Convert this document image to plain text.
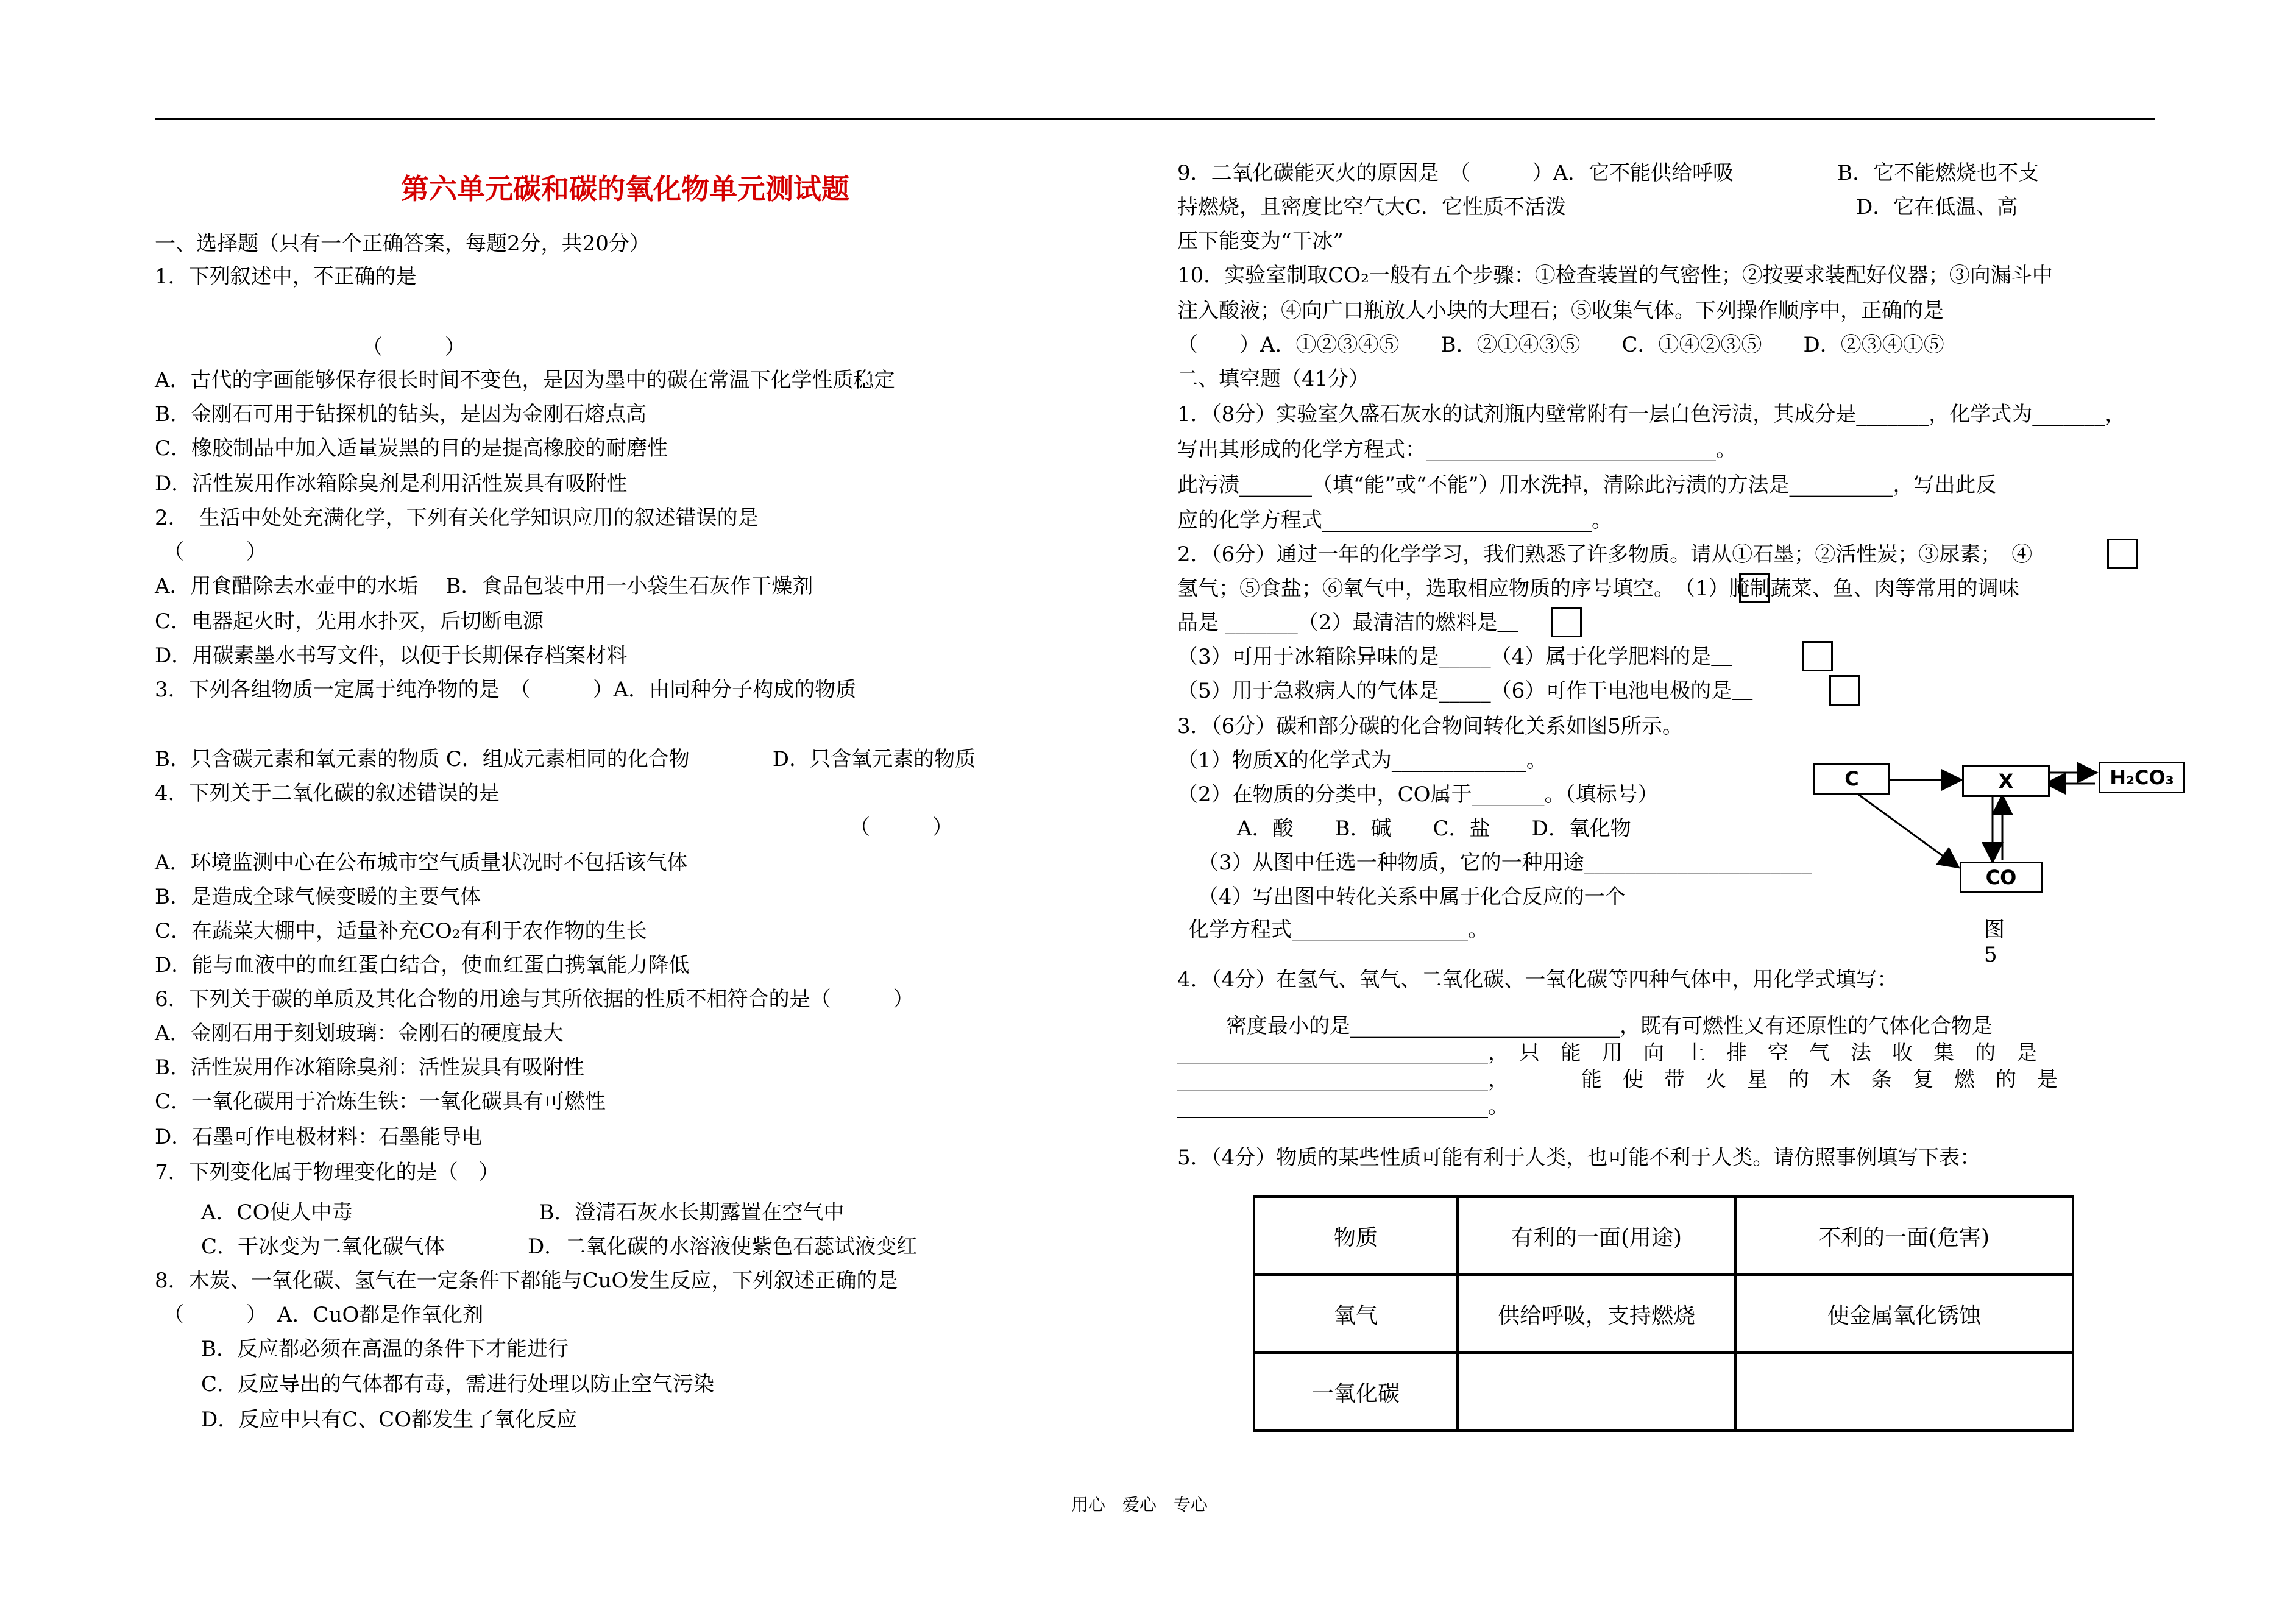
第六单元碳和碳的氧化物单元测试题
一、选择题（只有一个正确答案，每题2分，共20分）
1．下列叙述中，不正确的是
（　　　）
A．古代的字画能够保存很长时间不变色，是因为墨中的碳在常温下化学性质稳定
B．金刚石可用于钻探机的钻头，是因为金刚石熔点高
C．橡胶制品中加入适量炭黑的目的是提高橡胶的耐磨性
D．活性炭用作冰箱除臭剂是利用活性炭具有吸附性
2．　生活中处处充满化学，下列有关化学知识应用的叙述错误的是
（　　　）
A．用食醋除去水壶中的水垢　 B．食品包装中用一小袋生石灰作干燥剂
C．电器起火时，先用水扑灭，后切断电源
D．用碳素墨水书写文件，以便于长期保存档案材料
3．下列各组物质一定属于纯净物的是　（　　　）A．由同种分子构成的物质
B．只含碳元素和氧元素的物质 C．组成元素相同的化合物　　　　D．只含氧元素的物质
4．下列关于二氧化碳的叙述错误的是
（　　　）
A．环境监测中心在公布城市空气质量状况时不包括该气体
B．是造成全球气候变暖的主要气体
C．在蔬菜大棚中，适量补充CO₂有利于农作物的生长
D．能与血液中的血红蛋白结合，使血红蛋白携氧能力降低
6．下列关于碳的单质及其化合物的用途与其所依据的性质不相符合的是（　　　）
A．金刚石用于刻划玻璃：金刚石的硬度最大
B．活性炭用作冰箱除臭剂：活性炭具有吸附性
C．一氧化碳用于冶炼生铁：一氧化碳具有可燃性
D．石墨可作电极材料：石墨能导电
7．下列变化属于物理变化的是（　）
A．CO使人中毒　　　　　　　　　B．澄清石灰水长期露置在空气中
C．干冰变为二氧化碳气体　　　　D．二氧化碳的水溶液使紫色石蕊试液变红
8．木炭、一氧化碳、氢气在一定条件下都能与CuO发生反应，下列叙述正确的是
（　　　）　A．CuO都是作氧化剂
B．反应都必须在高温的条件下才能进行
C．反应导出的气体都有毒，需进行处理以防止空气污染
D．反应中只有C、CO都发生了氧化反应
9．二氧化碳能灭火的原因是　（　　　）A．它不能供给呼吸　　　　　B．它不能燃烧也不支
持燃烧，且密度比空气大C．它性质不活泼　　　　　　　　　　　　　　D．它在低温、高
压下能变为“干冰”
10．实验室制取CO₂一般有五个步骤：①检查装置的气密性；②按要求装配好仪器；③向漏斗中
注入酸液；④向广口瓶放人小块的大理石；⑤收集气体。下列操作顺序中，正确的是
（　　）A．①②③④⑤　　B．②①④③⑤　　C．①④②③⑤　　D．②③④①⑤
二、填空题（41分）
1．（8分）实验室久盛石灰水的试剂瓶内壁常附有一层白色污渍，其成分是_______，化学式为_______，
写出其形成的化学方程式：____________________________。
此污渍_______（填“能”或“不能”）用水洗掉，清除此污渍的方法是__________，写出此反
应的化学方程式__________________________。
2．（6分）通过一年的化学学习，我们熟悉了许多物质。请从①石墨；②活性炭；③尿素；　④
氢气；⑤食盐；⑥氧气中，选取相应物质的序号填空。　（1）腌制蔬菜、鱼、肉等常用的调味
品是 _______（2）最清洁的燃料是＿
（3）可用于冰箱除异味的是_____（4）属于化学肥料的是＿
（5）用于急救病人的气体是_____（6）可作干电池电极的是＿
3．（6分）碳和部分碳的化合物间转化关系如图5所示。
（1）物质X的化学式为_____________。
（2）在物质的分类中，CO属于_______。（填标号）
A．酸　　B．碱　　C．盐　　D．氧化物
（3）从图中任选一种物质，它的一种用途______________________
（4）写出图中转化关系中属于化合反应的一个
化学方程式_________________。
4．（4分）在氢气、氧气、二氧化碳、一氧化碳等四种气体中，用化学式填写：
密度最小的是__________________________，既有可燃性又有还原性的气体化合物是
______________________________，　只　能　用　向　上　排　空　气　法　收　集　的　是
______________________________，　　　　能　使　带　火　星　的　木　条　复　燃　的　是
______________________________。
5．（4分）物质的某些性质可能有利于人类，也可能不利于人类。请仿照事例填写下表：
C	X	H₂CO₃
CO
图5
物质	有利的一面(用途)	不利的一面(危害)
氧气	供给呼吸，支持燃烧	使金属氧化锈蚀
一氧化碳		
用心　爱心　专心
